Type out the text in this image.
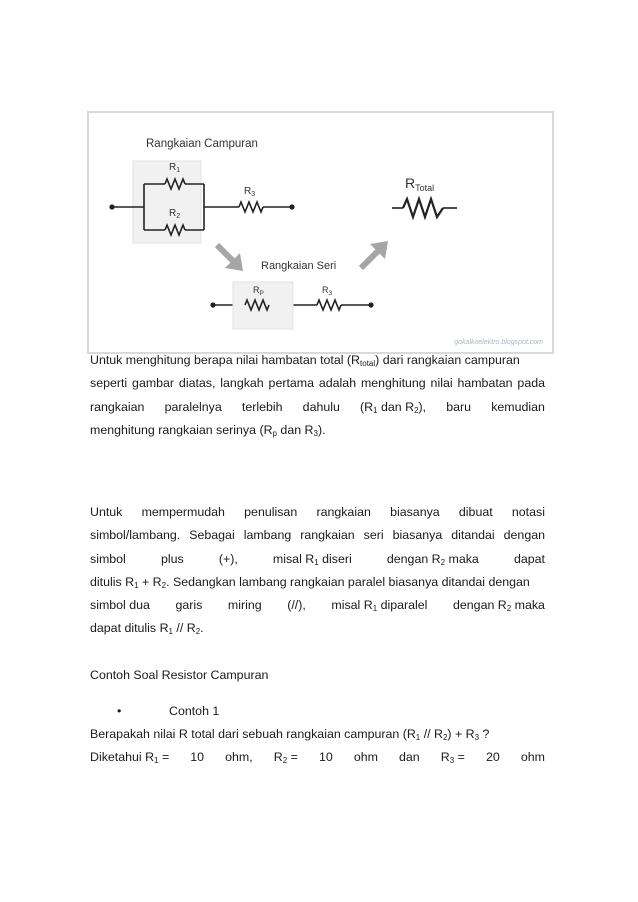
Rangkaian Campuran
$R_1$
$R_2$
$R_3$
$R_{Total}$
$R_P$	$R_3$
Rangkaian Seri
gokalkoelektro.blogspot.com
Untuk menghitung berapa nilai hambatan total $(R_{total})$ dari rangkaian campuran
seperti gambar diatas, langkah pertama adalah menghitung nilai hambatan pada
rangkaian paralelnya terlebih dahulu ($R_1$ dan $R_2$), baru kemudian
menghitung rangkaian serinya ($R_p$ dan $R_3$).
Untuk mempermudah penulisan rangkaian biasanya dibuat notasi
simbol/lambang. Sebagai lambang rangkaian seri biasanya ditandai dengan
simbol	plus	(+),	misal $R_1$ diseri	dengan $R_2$ maka	dapat
ditulis $R_1 + R_2$. Sedangkan lambang rangkaian paralel biasanya ditandai dengan
simbol dua garis miring (//), misal $R_1$ diparalel dengan $R_2$ maka
dapat ditulis $R_1 // R_2$.
Contoh Soal Resistor Campuran
•	Contoh 1
Berapakah nilai R total dari sebuah rangkaian campuran $(R_1 // R_2) + R_3$ ?
Diketahui $R_1 = 10$ ohm, $R_2 = 10$ ohm dan $R_3 = 20$ ohm
